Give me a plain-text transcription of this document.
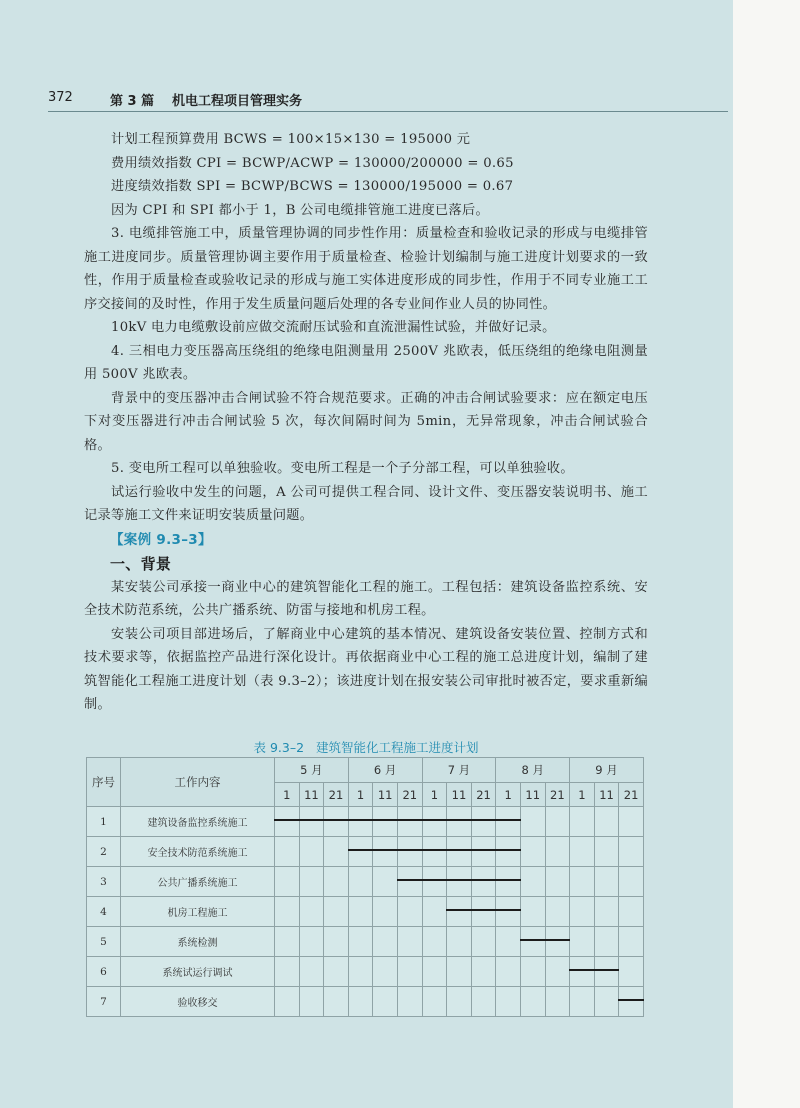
372	第 3 篇 机电工程项目管理实务

计划工程预算费用 BCWS = 100×15×130 = 195000 元

费用绩效指数 CPI = BCWP/ACWP = 130000/200000 = 0.65

进度绩效指数 SPI = BCWP/BCWS = 130000/195000 = 0.67

因为 CPI 和 SPI 都小于 1，B 公司电缆排管施工进度已落后。

3. 电缆排管施工中，质量管理协调的同步性作用：质量检查和验收记录的形成与电缆排管施工进度同步。质量管理协调主要作用于质量检查、检验计划编制与施工进度计划要求的一致性，作用于质量检查或验收记录的形成与施工实体进度形成的同步性，作用于不同专业施工工序交接间的及时性，作用于发生质量问题后处理的各专业间作业人员的协同性。

10kV 电力电缆敷设前应做交流耐压试验和直流泄漏性试验，并做好记录。

4. 三相电力变压器高压绕组的绝缘电阻测量用 2500V 兆欧表，低压绕组的绝缘电阻测量用 500V 兆欧表。

背景中的变压器冲击合闸试验不符合规范要求。正确的冲击合闸试验要求：应在额定电压下对变压器进行冲击合闸试验 5 次，每次间隔时间为 5min，无异常现象，冲击合闸试验合格。

5. 变电所工程可以单独验收。变电所工程是一个子分部工程，可以单独验收。

试运行验收中发生的问题，A 公司可提供工程合同、设计文件、变压器安装说明书、施工记录等施工文件来证明安装质量问题。

【案例 9.3–3】

一、背景

某安装公司承接一商业中心的建筑智能化工程的施工。工程包括：建筑设备监控系统、安全技术防范系统，公共广播系统、防雷与接地和机房工程。

安装公司项目部进场后，了解商业中心建筑的基本情况、建筑设备安装位置、控制方式和技术要求等，依据监控产品进行深化设计。再依据商业中心工程的施工总进度计划，编制了建筑智能化工程施工进度计划（表 9.3–2）；该进度计划在报安装公司审批时被否定，要求重新编制。

表 9.3–2 建筑智能化工程施工进度计划
序号	工作内容	5 月			6 月			7 月			8 月			9 月		
		1	11	21	1	11	21	1	11	21	1	11	21	1	11	21
1	建筑设备监控系统施工	

2	安全技术防范系统施工				

3	公共广播系统施工						

4	机房工程施工								

5	系统检测											

6	系统试运行调试													

7	验收移交															
